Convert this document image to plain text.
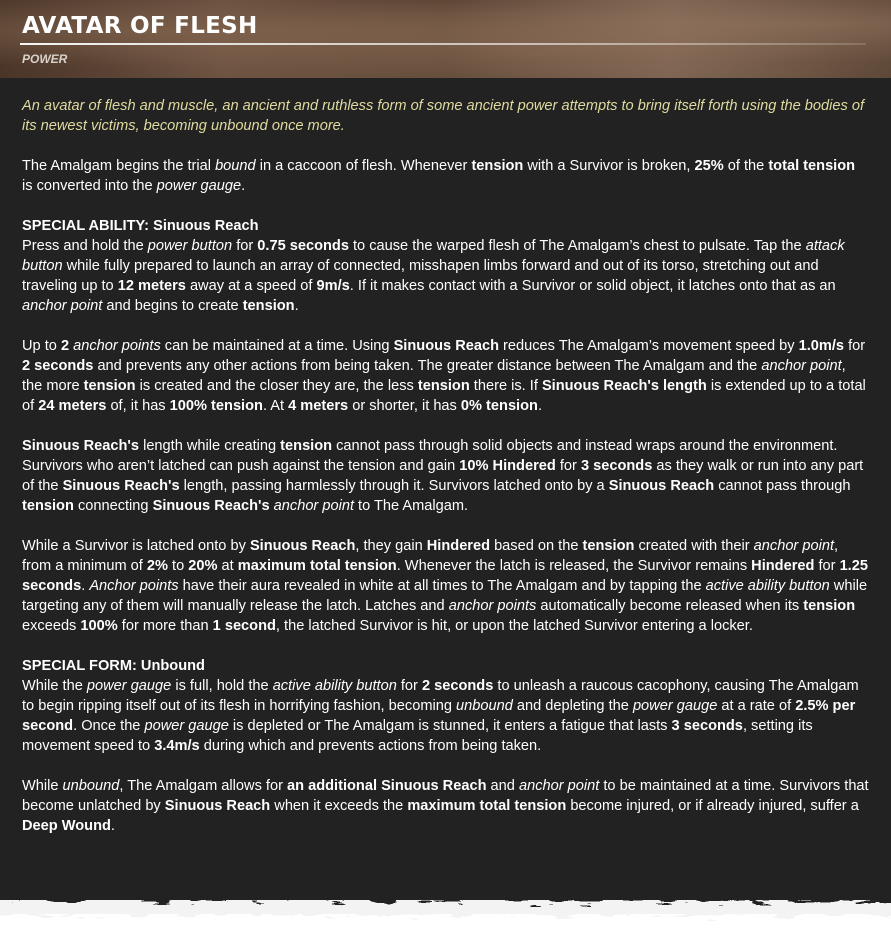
AVATAR OF FLESH
POWER

An avatar of flesh and muscle, an ancient and ruthless form of some ancient power attempts to bring itself forth using the bodies of its newest victims, becoming unbound once more.

The Amalgam begins the trial bound in a caccoon of flesh. Whenever tension with a Survivor is broken, 25% of the total tension is converted into the power gauge.

SPECIAL ABILITY: Sinuous Reach
Press and hold the power button for 0.75 seconds to cause the warped flesh of The Amalgam’s chest to pulsate. Tap the attack button while fully prepared to launch an array of connected, misshapen limbs forward and out of its torso, stretching out and traveling up to 12 meters away at a speed of 9m/s. If it makes contact with a Survivor or solid object, it latches onto that as an anchor point and begins to create tension.

Up to 2 anchor points can be maintained at a time. Using Sinuous Reach reduces The Amalgam’s movement speed by 1.0m/s for 2 seconds and prevents any other actions from being taken. The greater distance between The Amalgam and the anchor point, the more tension is created and the closer they are, the less tension there is. If Sinuous Reach's length is extended up to a total of 24 meters of, it has 100% tension. At 4 meters or shorter, it has 0% tension.

Sinuous Reach's length while creating tension cannot pass through solid objects and instead wraps around the environment. Survivors who aren’t latched can push against the tension and gain 10% Hindered for 3 seconds as they walk or run into any part of the Sinuous Reach's length, passing harmlessly through it. Survivors latched onto by a Sinuous Reach cannot pass through tension connecting Sinuous Reach's anchor point to The Amalgam.

While a Survivor is latched onto by Sinuous Reach, they gain Hindered based on the tension created with their anchor point, from a minimum of 2% to 20% at maximum total tension. Whenever the latch is released, the Survivor remains Hindered for 1.25 seconds. Anchor points have their aura revealed in white at all times to The Amalgam and by tapping the active ability button while targeting any of them will manually release the latch. Latches and anchor points automatically become released when its tension exceeds 100% for more than 1 second, the latched Survivor is hit, or upon the latched Survivor entering a locker.

SPECIAL FORM: Unbound
While the power gauge is full, hold the active ability button for 2 seconds to unleash a raucous cacophony, causing The Amalgam to begin ripping itself out of its flesh in horrifying fashion, becoming unbound and depleting the power gauge at a rate of 2.5% per second. Once the power gauge is depleted or The Amalgam is stunned, it enters a fatigue that lasts 3 seconds, setting its movement speed to 3.4m/s during which and prevents actions from being taken.

While unbound, The Amalgam allows for an additional Sinuous Reach and anchor point to be maintained at a time. Survivors that become unlatched by Sinuous Reach when it exceeds the maximum total tension become injured, or if already injured, suffer a Deep Wound.
